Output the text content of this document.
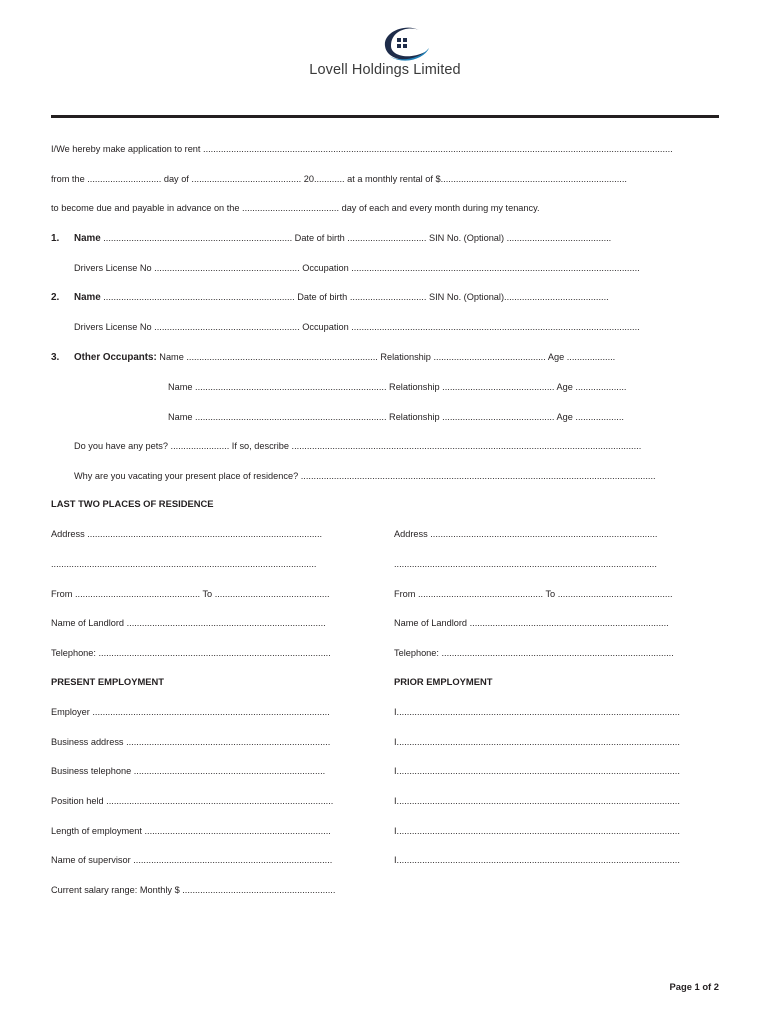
Lovell Holdings Limited
I/We hereby make application to rent ........................................................................................................................................................................................
from the ............................. day of ........................................... 20............ at a monthly rental of $.........................................................................
to become due and payable in advance on the ...................................... day of each and every month during my tenancy.
1. Name .......................................................................... Date of birth ............................... SIN No. (Optional) .........................................
Drivers License No ......................................................... Occupation .................................................................................................................
2. Name ........................................................................... Date of birth .............................. SIN No. (Optional).........................................
Drivers License No ......................................................... Occupation .................................................................................................................
3. Other Occupants: Name ........................................................................... Relationship ............................................ Age ...................
Name ........................................................................... Relationship ............................................ Age ....................
Name ........................................................................... Relationship ............................................ Age ...................
Do you have any pets? ....................... If so, describe .........................................................................................................................................
Why are you vacating your present place of residence? ...........................................................................................................................................
LAST TWO PLACES OF RESIDENCE
Address ............................................................................................
........................................................................................................
From ................................................. To .............................................
Name of Landlord ..............................................................................
Telephone: ...........................................................................................
Address .........................................................................................
.......................................................................................................
From ................................................. To .............................................
Name of Landlord ..............................................................................
Telephone: ...........................................................................................
PRESENT EMPLOYMENT	PRIOR EMPLOYMENT
Employer .............................................................................................
Business address ................................................................................
Business telephone ...........................................................................
Position held .........................................................................................
Length of employment .........................................................................
Name of supervisor ..............................................................................
Current salary range: Monthly $ ............................................................
I...............................................................................................................
I...............................................................................................................
I...............................................................................................................
I...............................................................................................................
I...............................................................................................................
I...............................................................................................................
Page 1 of 2
